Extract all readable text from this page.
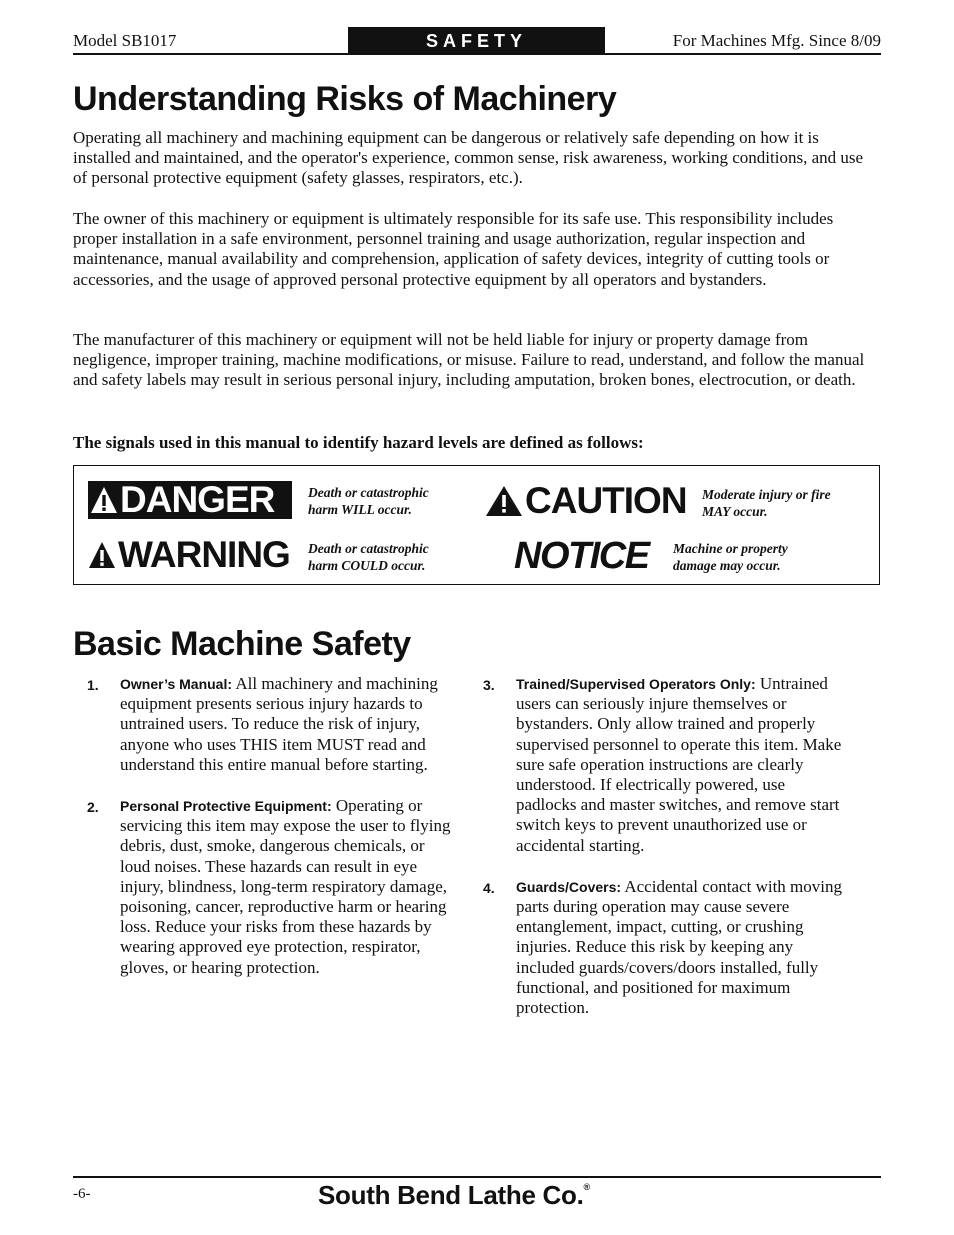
Model SB1017	SAFETY	For Machines Mfg. Since 8/09
Understanding Risks of Machinery

Operating all machinery and machining equipment can be dangerous or relatively safe depending on how it is installed and maintained, and the operator's experience, common sense, risk awareness, working conditions, and use of personal protective equipment (safety glasses, respirators, etc.).

The owner of this machinery or equipment is ultimately responsible for its safe use. This responsibility includes proper installation in a safe environment, personnel training and usage authorization, regular inspection and maintenance, manual availability and comprehension, application of safety devices, integrity of cutting tools or accessories, and the usage of approved personal protective equipment by all operators and bystanders.

The manufacturer of this machinery or equipment will not be held liable for injury or property damage from negligence, improper training, machine modifications, or misuse. Failure to read, understand, and follow the manual and safety labels may result in serious personal injury, including amputation, broken bones, electrocution, or death.

The signals used in this manual to identify hazard levels are defined as follows:

DANGER Death or catastrophic
harm WILL occur.
WARNING Death or catastrophic
harm COULD occur.
CAUTION Moderate injury or fire
MAY occur.
NOTICE Machine or property
damage may occur.
Basic Machine Safety

1. Owner’s Manual: All machinery and machining equipment presents serious injury hazards to untrained users. To reduce the risk of injury, anyone who uses THIS item MUST read and understand this entire manual before starting.

2. Personal Protective Equipment: Operating or servicing this item may expose the user to flying debris, dust, smoke, dangerous chemicals, or loud noises. These hazards can result in eye injury, blindness, long-term respiratory damage, poisoning, cancer, reproductive harm or hearing loss. Reduce your risks from these hazards by wearing approved eye protection, respirator, gloves, or hearing protection.

3. Trained/Supervised Operators Only: Untrained users can seriously injure themselves or bystanders. Only allow trained and properly supervised personnel to operate this item. Make sure safe operation instructions are clearly understood. If electrically powered, use padlocks and master switches, and remove start switch keys to prevent unauthorized use or accidental starting.

4. Guards/Covers: Accidental contact with moving parts during operation may cause severe entanglement, impact, cutting, or crushing injuries. Reduce this risk by keeping any included guards/covers/doors installed, fully functional, and positioned for maximum protection.

-6-	South Bend Lathe Co.®
